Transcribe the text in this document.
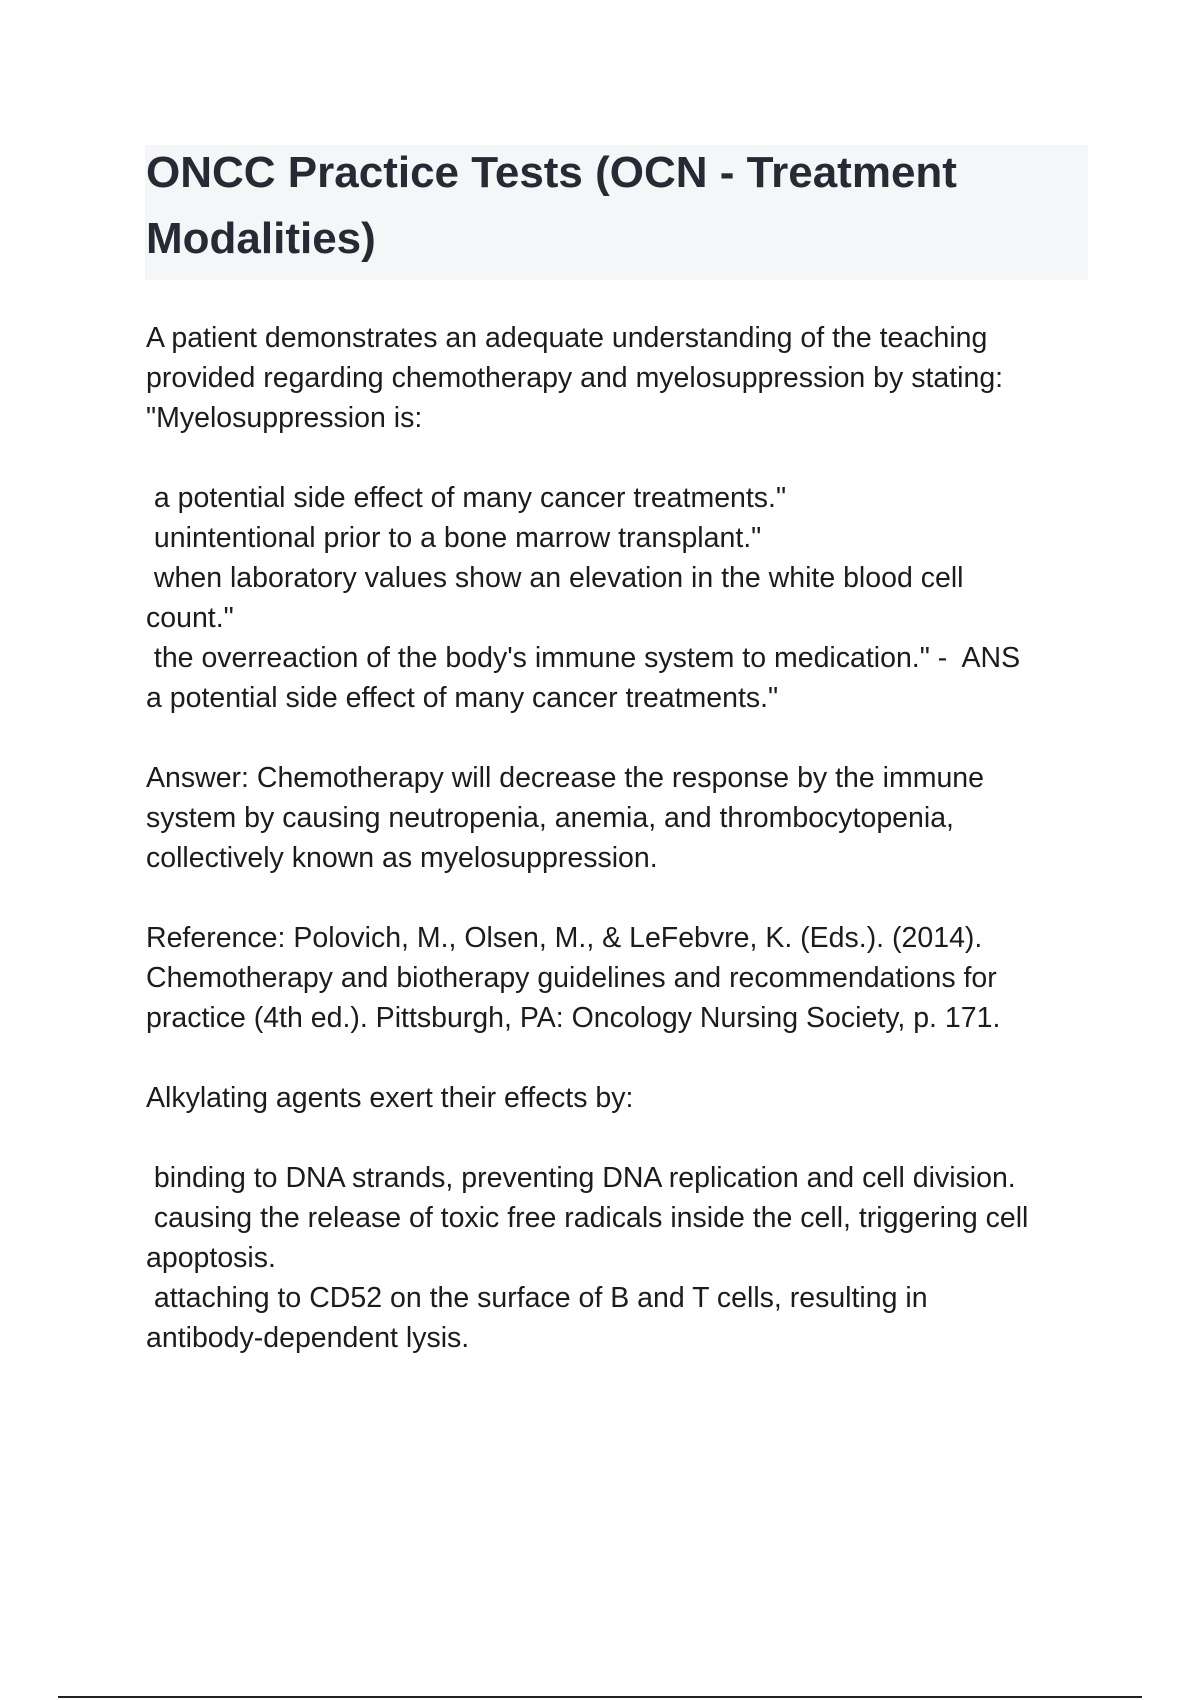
ONCC Practice Tests (OCN - Treatment
Modalities)
A patient demonstrates an adequate understanding of the teaching
provided regarding chemotherapy and myelosuppression by stating:
"Myelosuppression is:
a potential side effect of many cancer treatments."
unintentional prior to a bone marrow transplant."
when laboratory values show an elevation in the white blood cell
count."
the overreaction of the body's immune system to medication." -  ANS
a potential side effect of many cancer treatments."
Answer: Chemotherapy will decrease the response by the immune
system by causing neutropenia, anemia, and thrombocytopenia,
collectively known as myelosuppression.
Reference: Polovich, M., Olsen, M., & LeFebvre, K. (Eds.). (2014).
Chemotherapy and biotherapy guidelines and recommendations for
practice (4th ed.). Pittsburgh, PA: Oncology Nursing Society, p. 171.
Alkylating agents exert their effects by:
binding to DNA strands, preventing DNA replication and cell division.
causing the release of toxic free radicals inside the cell, triggering cell
apoptosis.
attaching to CD52 on the surface of B and T cells, resulting in
antibody-dependent lysis.
